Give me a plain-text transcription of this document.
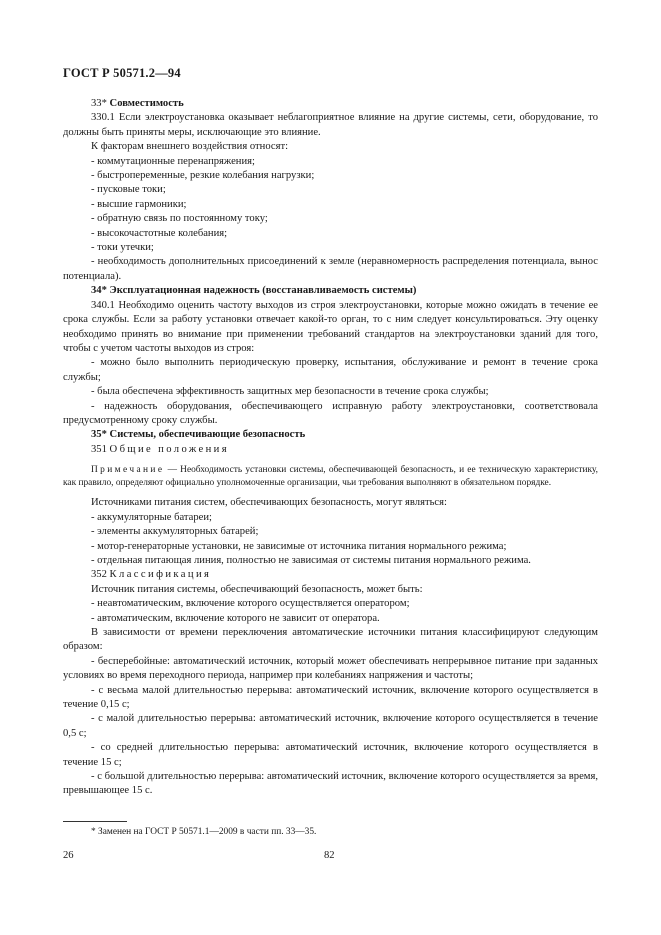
ГОСТ Р 50571.2—94

33* Совместимость

330.1 Если электроустановка оказывает неблагоприятное влияние на другие системы, сети, оборудование, то должны быть приняты меры, исключающие это влияние.

К факторам внешнего воздействия относят:

- коммутационные перенапряжения;

- быстропеременные, резкие колебания нагрузки;

- пусковые токи;

- высшие гармоники;

- обратную связь по постоянному току;

- высокочастотные колебания;

- токи утечки;

- необходимость дополнительных присоединений к земле (неравномерность распределения потенциала, вынос потенциала).

34* Эксплуатационная надежность (восстанавливаемость системы)

340.1 Необходимо оценить частоту выходов из строя электроустановки, которые можно ожидать в течение ее срока службы. Если за работу установки отвечает какой-то орган, то с ним следует консультироваться. Эту оценку необходимо принять во внимание при применении требований стандартов на электроустановки зданий для того, чтобы с учетом частоты выходов из строя:

- можно было выполнить периодическую проверку, испытания, обслуживание и ремонт в течение срока службы;

- была обеспечена эффективность защитных мер безопасности в течение срока службы;

- надежность оборудования, обеспечивающего исправную работу электроустановки, соответствовала предусмотренному сроку службы.

35* Системы, обеспечивающие безопасность

351 Общие положения

Примечание — Необходимость установки системы, обеспечивающей безопасность, и ее техническую характеристику, как правило, определяют официально уполномоченные организации, чьи требования выполняют в обязательном порядке.

Источниками питания систем, обеспечивающих безопасность, могут являться:

- аккумуляторные батареи;

- элементы аккумуляторных батарей;

- мотор-генераторные установки, не зависимые от источника питания нормального режима;

- отдельная питающая линия, полностью не зависимая от системы питания нормального режима.

352 Классификация

Источник питания системы, обеспечивающий безопасность, может быть:

- неавтоматическим, включение которого осуществляется оператором;

- автоматическим, включение которого не зависит от оператора.

В зависимости от времени переключения автоматические источники питания классифицируют следующим образом:

- бесперебойные: автоматический источник, который может обеспечивать непрерывное питание при заданных условиях во время переходного периода, например при колебаниях напряжения и частоты;

- с весьма малой длительностью перерыва: автоматический источник, включение которого осуществляется в течение 0,15 с;

- с малой длительностью перерыва: автоматический источник, включение которого осуществляется в течение 0,5 с;

- со средней длительностью перерыва: автоматический источник, включение которого осуществляется в течение 15 с;

- с большой длительностью перерыва: автоматический источник, включение которого осуществляется за время, превышающее 15 с.

* Заменен на ГОСТ Р 50571.1—2009 в части пп. 33—35.
26	82
